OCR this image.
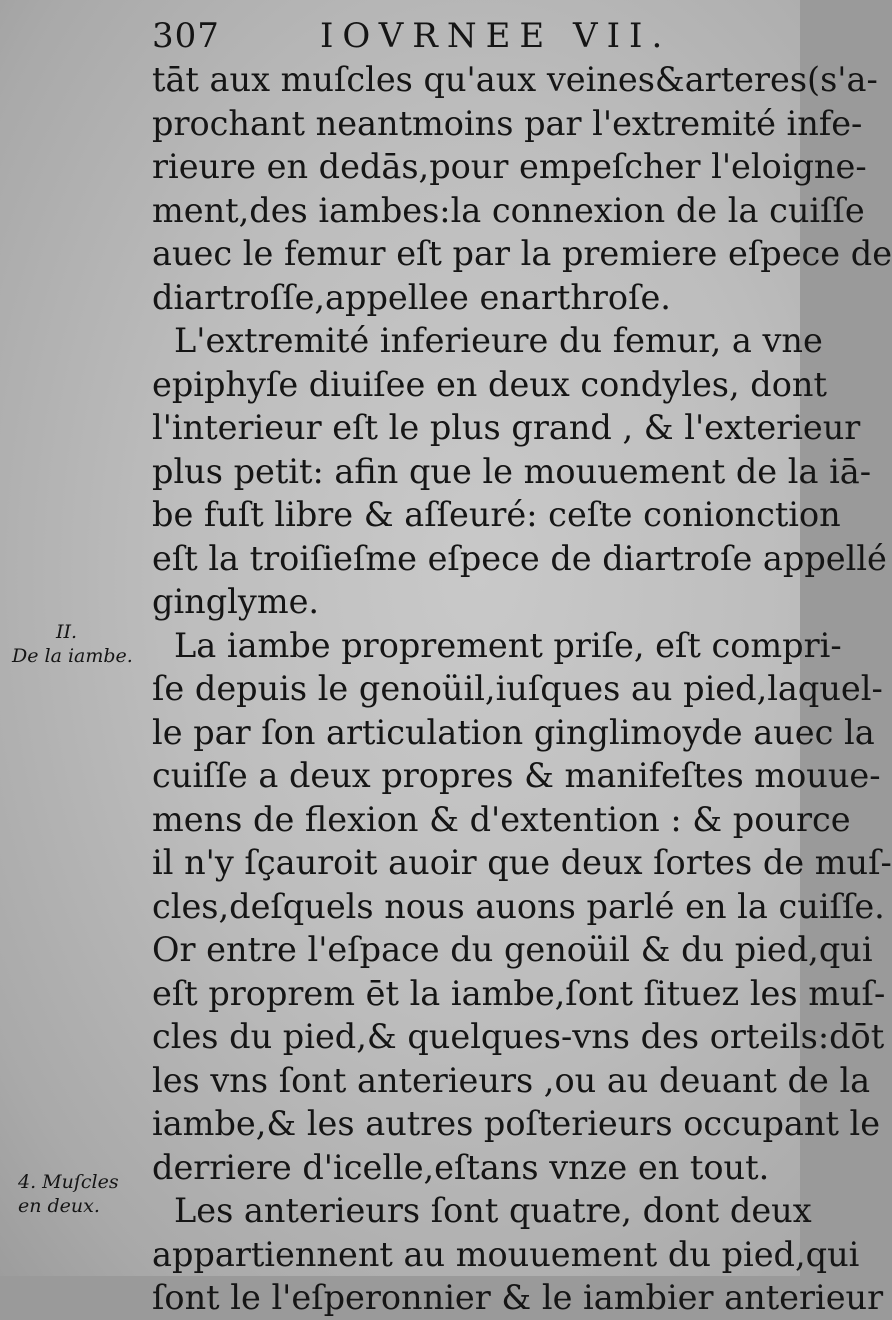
307	IOVRNEE VII.
tāt aux muſcles qu'aux veines&arteres(s'a-
prochant neantmoins par l'extremité infe-
rieure en dedās,pour empeſcher l'eloigne-
ment,des iambes:la connexion de la cuiſſe
auec le femur eſt par la premiere eſpece de
diartroſſe,appellee enarthroſe.
L'extremité inferieure du femur, a vne
epiphyſe diuiſee en deux condyles, dont
l'interieur eſt le plus grand , & l'exterieur
plus petit: afin que le mouuement de la iā-
be fuſt libre & aſſeuré: ceſte conionction
eſt la troiſieſme eſpece de diartroſe appellé
ginglyme.
La iambe proprement priſe, eſt compri-
ſe depuis le genoüil,iuſques au pied,laquel-
le par ſon articulation ginglimoyde auec la
cuiſſe a deux propres & manifeſtes mouue-
mens de flexion & d'extention : & pource
il n'y ſçauroit auoir que deux ſortes de muſ-
cles,deſquels nous auons parlé en la cuiſſe.
Or entre l'eſpace du genoüil & du pied,qui
eſt proprem ēt la iambe,ſont ſituez les muſ-
cles du pied,& quelques-vns des orteils:dōt
les vns ſont anterieurs ,ou au deuant de la
iambe,& les autres poſterieurs occupant le
derriere d'icelle,eſtans vnze en tout.
Les anterieurs ſont quatre, dont deux
appartiennent au mouuement du pied,qui
ſont le l'eſperonnier & le iambier anterieur
II.
De la iambe.
4. Muſcles
en deux.
